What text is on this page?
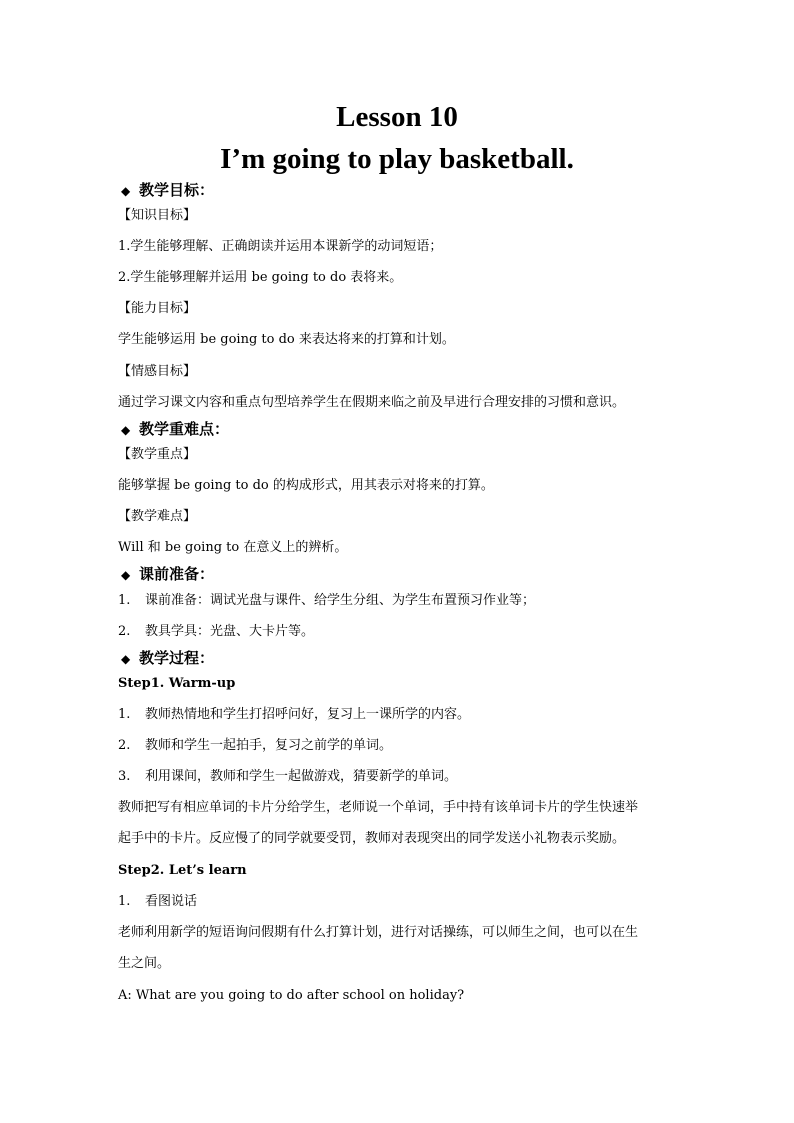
Lesson 10
I’m going to play basketball.
◆ 教学目标：
【知识目标】
1.学生能够理解、正确朗读并运用本课新学的动词短语；
2.学生能够理解并运用 be going to do 表将来。
【能力目标】
学生能够运用 be going to do 来表达将来的打算和计划。
【情感目标】
通过学习课文内容和重点句型培养学生在假期来临之前及早进行合理安排的习惯和意识。
◆ 教学重难点：
【教学重点】
能够掌握 be going to do 的构成形式，用其表示对将来的打算。
【教学难点】
Will 和 be going to 在意义上的辨析。
◆ 课前准备：
1. 课前准备：调试光盘与课件、给学生分组、为学生布置预习作业等；
2. 教具学具：光盘、大卡片等。
◆ 教学过程：
Step1. Warm-up
1. 教师热情地和学生打招呼问好，复习上一课所学的内容。
2. 教师和学生一起拍手，复习之前学的单词。
3. 利用课间，教师和学生一起做游戏，猜要新学的单词。
教师把写有相应单词的卡片分给学生，老师说一个单词，手中持有该单词卡片的学生快速举
起手中的卡片。反应慢了的同学就要受罚，教师对表现突出的同学发送小礼物表示奖励。
Step2. Let’s learn
1. 看图说话
老师利用新学的短语询问假期有什么打算计划，进行对话操练，可以师生之间，也可以在生
生之间。
A: What are you going to do after school on holiday?
